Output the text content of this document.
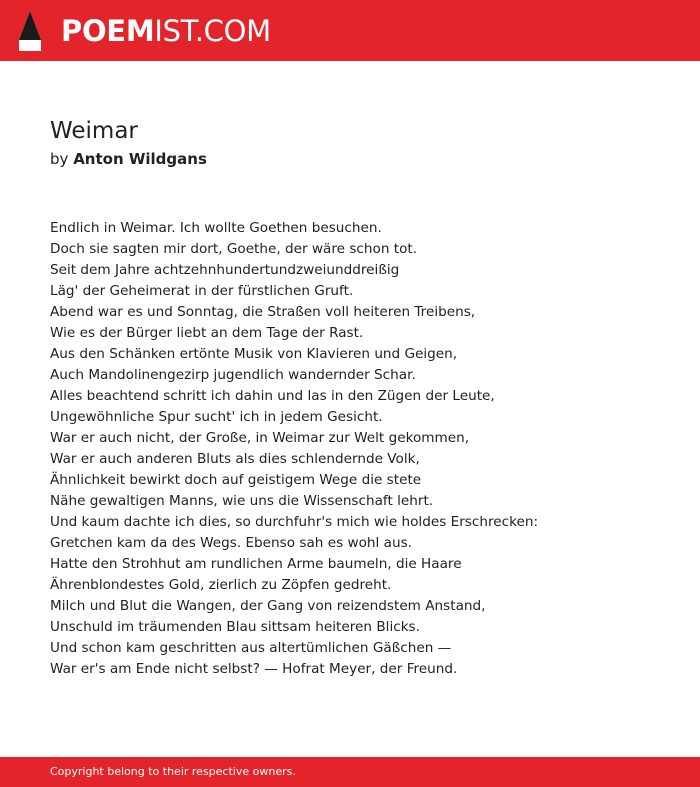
POEMIST.COM
Weimar
by Anton Wildgans
Endlich in Weimar. Ich wollte Goethen besuchen.
Doch sie sagten mir dort, Goethe, der wäre schon tot.
Seit dem Jahre achtzehnhundertundzweiunddreißig
Läg' der Geheimerat in der fürstlichen Gruft.
Abend war es und Sonntag, die Straßen voll heiteren Treibens,
Wie es der Bürger liebt an dem Tage der Rast.
Aus den Schänken ertönte Musik von Klavieren und Geigen,
Auch Mandolinengezirp jugendlich wandernder Schar.
Alles beachtend schritt ich dahin und las in den Zügen der Leute,
Ungewöhnliche Spur sucht' ich in jedem Gesicht.
War er auch nicht, der Große, in Weimar zur Welt gekommen,
War er auch anderen Bluts als dies schlendernde Volk,
Ähnlichkeit bewirkt doch auf geistigem Wege die stete
Nähe gewaltigen Manns, wie uns die Wissenschaft lehrt.
Und kaum dachte ich dies, so durchfuhr's mich wie holdes Erschrecken:
Gretchen kam da des Wegs. Ebenso sah es wohl aus.
Hatte den Strohhut am rundlichen Arme baumeln, die Haare
Ährenblondestes Gold, zierlich zu Zöpfen gedreht.
Milch und Blut die Wangen, der Gang von reizendstem Anstand,
Unschuld im träumenden Blau sittsam heiteren Blicks.
Und schon kam geschritten aus altertümlichen Gäßchen —
War er's am Ende nicht selbst? — Hofrat Meyer, der Freund.
Copyright belong to their respective owners.
